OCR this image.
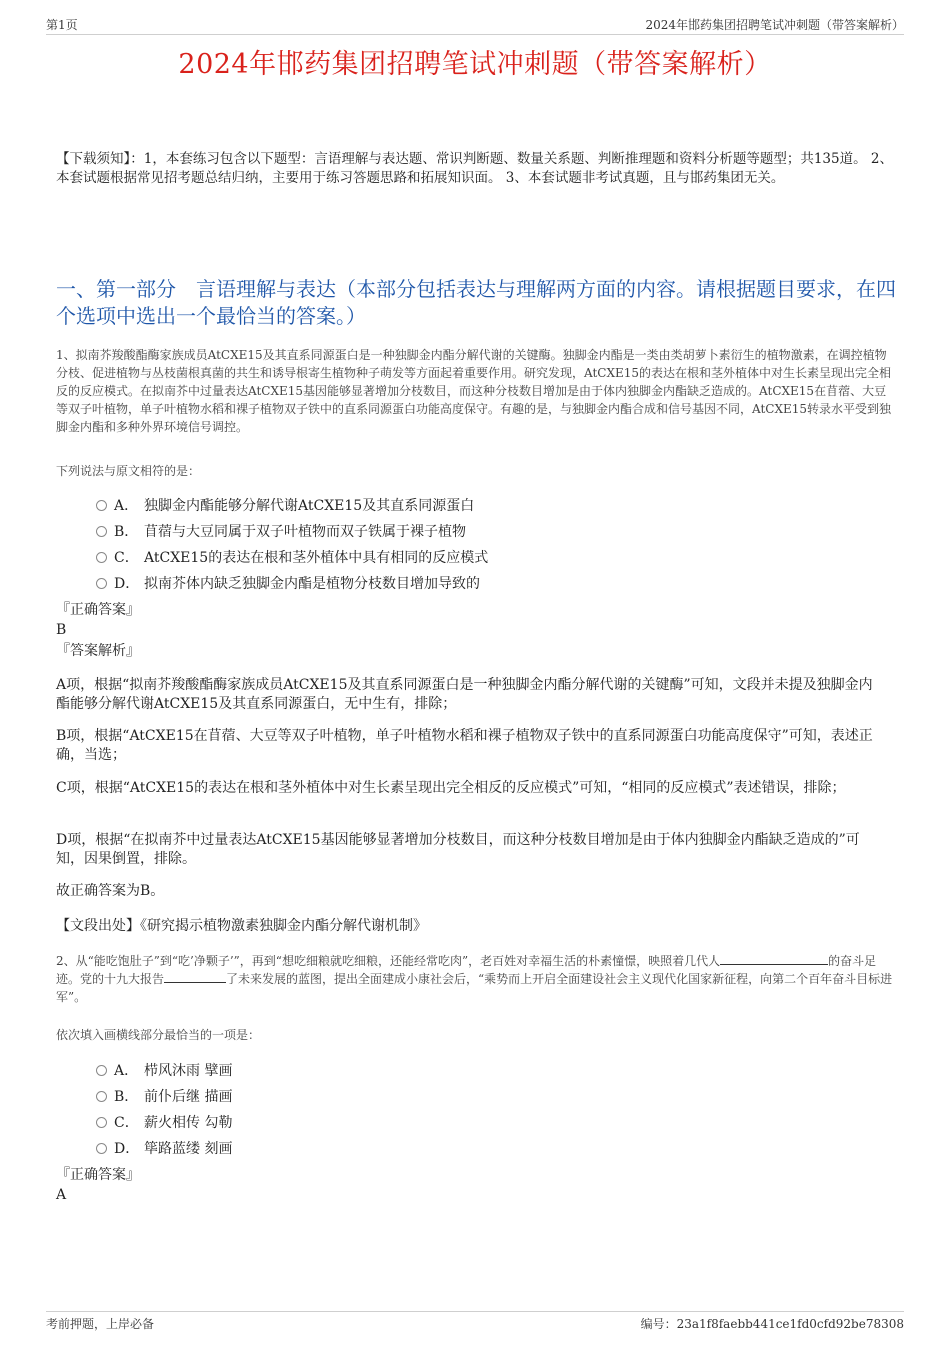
第1页	2024年邯药集团招聘笔试冲刺题（带答案解析）
2024年邯药集团招聘笔试冲刺题（带答案解析）
【下载须知】：1，本套练习包含以下题型：言语理解与表达题、常识判断题、数量关系题、判断推理题和资料分析题等题型；共135道。 2、本套试题根据常见招考题总结归纳，主要用于练习答题思路和拓展知识面。 3、本套试题非考试真题，且与邯药集团无关。
一、第一部分　言语理解与表达（本部分包括表达与理解两方面的内容。请根据题目要求，在四个选项中选出一个最恰当的答案。）
1、拟南芥羧酸酯酶家族成员AtCXE15及其直系同源蛋白是一种独脚金内酯分解代谢的关键酶。独脚金内酯是一类由类胡萝卜素衍生的植物激素，在调控植物分枝、促进植物与丛枝菌根真菌的共生和诱导根寄生植物种子萌发等方面起着重要作用。研究发现，AtCXE15的表达在根和茎外植体中对生长素呈现出完全相反的反应模式。在拟南芥中过量表达AtCXE15基因能够显著增加分枝数目，而这种分枝数目增加是由于体内独脚金内酯缺乏造成的。AtCXE15在苜蓿、大豆等双子叶植物，单子叶植物水稻和裸子植物双子铁中的直系同源蛋白功能高度保守。有趣的是，与独脚金内酯合成和信号基因不同，AtCXE15转录水平受到独脚金内酯和多种外界环境信号调控。
下列说法与原文相符的是：
A． 独脚金内酯能够分解代谢AtCXE15及其直系同源蛋白
B． 苜蓿与大豆同属于双子叶植物而双子铁属于裸子植物
C． AtCXE15的表达在根和茎外植体中具有相同的反应模式
D． 拟南芥体内缺乏独脚金内酯是植物分枝数目增加导致的
『正确答案』
B
『答案解析』
A项，根据“拟南芥羧酸酯酶家族成员AtCXE15及其直系同源蛋白是一种独脚金内酯分解代谢的关键酶”可知，文段并未提及独脚金内酯能够分解代谢AtCXE15及其直系同源蛋白，无中生有，排除；
B项，根据“AtCXE15在苜蓿、大豆等双子叶植物，单子叶植物水稻和裸子植物双子铁中的直系同源蛋白功能高度保守”可知，表述正确，当选；
C项，根据“AtCXE15的表达在根和茎外植体中对生长素呈现出完全相反的反应模式”可知，“相同的反应模式”表述错误，排除；
D项，根据“在拟南芥中过量表达AtCXE15基因能够显著增加分枝数目，而这种分枝数目增加是由于体内独脚金内酯缺乏造成的”可知，因果倒置，排除。
故正确答案为B。
【文段出处】《研究揭示植物激素独脚金内酯分解代谢机制》
2、从“能吃饱肚子”到“吃’净颗子’”，再到“想吃细粮就吃细粮，还能经常吃肉”，老百姓对幸福生活的朴素憧憬，映照着几代人	的奋斗足迹。党的十九大报告	了未来发展的蓝图，提出全面建成小康社会后，“乘势而上开启全面建设社会主义现代化国家新征程，向第二个百年奋斗目标进军”。
依次填入画横线部分最恰当的一项是：
A． 栉风沐雨 擘画
B． 前仆后继 描画
C． 薪火相传 勾勒
D． 筚路蓝缕 刻画
『正确答案』
A
考前押题，上岸必备	编号：23a1f8faebb441ce1fd0cfd92be78308
